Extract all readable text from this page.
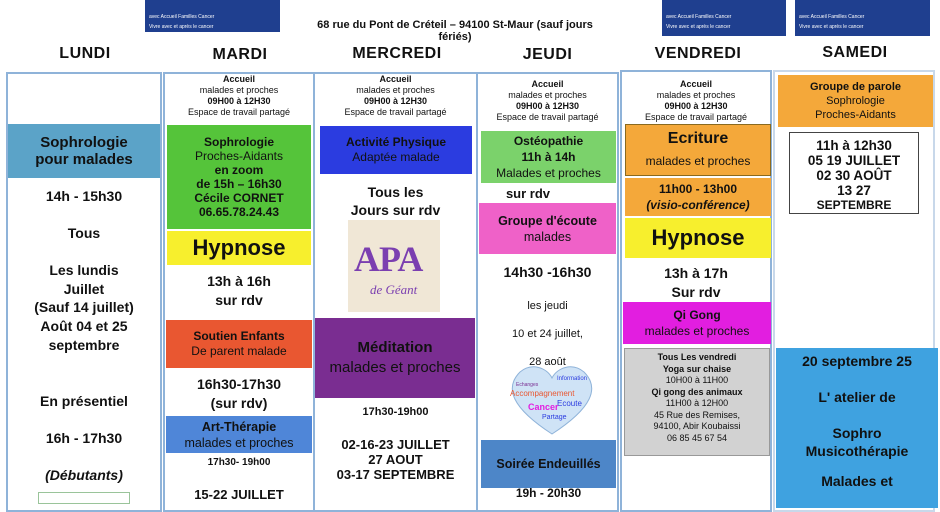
avec Accueil Familles Cancer
Vivre avec et après le cancer
avec Accueil Familles Cancer
Vivre avec et après le cancer
avec Accueil Familles Cancer
Vivre avec et après le cancer
68 rue du Pont de Créteil – 94100 St-Maur (sauf jours fériés)
LUNDI	MARDI	MERCREDI	JEUDI	VENDREDI	SAMEDI
Sophrologie
pour malades
14h - 15h30
Tous
Les lundis
Juillet
(Sauf 14 juillet)
Août 04 et 25
septembre
En présentiel
16h - 17h30
(Débutants)
Accueil
malades et proches
09H00 à 12H30
Espace de travail partagé
Sophrologie
Proches-Aidants
en zoom
de 15h – 16h30
Cécile CORNET
06.65.78.24.43
Hypnose
13h à 16h
sur rdv
Soutien Enfants
De parent malade
16h30-17h30
(sur rdv)
Art-Thérapie
malades et proches
17h30- 19h00
15-22 JUILLET
Accueil
malades et proches
09H00 à 12H30
Espace de travail partagé
Activité Physique
Adaptée malade
Tous les
Jours sur rdv
APA
de Géant
Méditation
malades et proches
17h30-19h00
02-16-23 JUILLET
27 AOUT
03-17 SEPTEMBRE
Accueil
malades et proches
09H00 à 12H30
Espace de travail partagé
Ostéopathie
11h à 14h
Malades et proches
sur rdv
Groupe d'écoute
malades
14h30 -16h30
les jeudi
10 et 24 juillet,
28 août
Echanges
Information
Accompagnement
Ecoute
Cancer
Partage
Soirée Endeuillés
19h - 20h30
Accueil
malades et proches
09H00 à 12H30
Espace de travail partagé
Ecriture
malades et proches
11h00 - 13h00
(visio-conférence)
Hypnose
13h à 17h
Sur rdv
Qi Gong
malades et proches
Tous Les vendredi
Yoga sur chaise
10H00 à 11H00
Qi gong des animaux
11H00 à 12H00
45 Rue des Remises,
94100, Abir Koubaissi
06 85 45 67 54
Groupe de parole
Sophrologie
Proches-Aidants
11h à 12h30
05 19 JUILLET
02 30 AOÛT
13 27
SEPTEMBRE
20 septembre 25
L' atelier de
Sophro
Musicothérapie
Malades et
